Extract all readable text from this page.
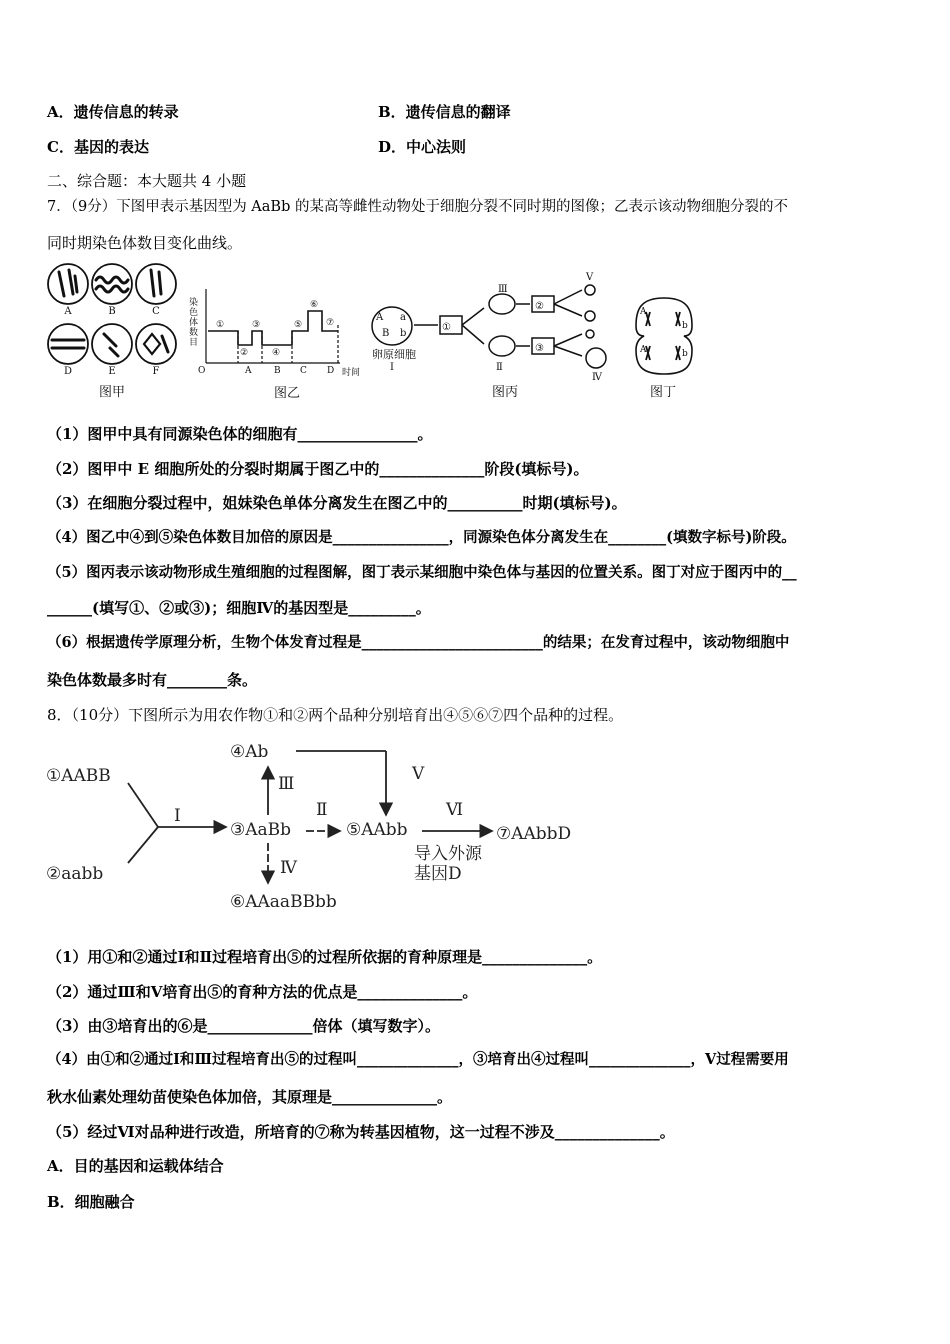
A．遗传信息的转录	B．遗传信息的翻译
C．基因的表达	D．中心法则
二、综合题：本大题共 4 小题
7．（9分）下图甲表示基因型为 AaBb 的某高等雌性动物处于细胞分裂不同时期的图像；乙表示该动物细胞分裂的不
同时期染色体数目变化曲线。
A	B	C
D	E	F
图甲
染色体数目
O	A	B C D 时间
①
②
③
④
⑤
⑥
⑦
图乙
A a
B b
①
②
③
卵原细胞
Ⅰ	Ⅱ
Ⅲ
Ⅳ
Ⅴ
图丙
A
b
A	b
图丁
（1）图甲中具有同源染色体的细胞有________________。
（2）图甲中 E 细胞所处的分裂时期属于图乙中的______________阶段(填标号)。
（3）在细胞分裂过程中，姐妹染色单体分离发生在图乙中的__________时期(填标号)。
（4）图乙中④到⑤染色体数目加倍的原因是________________，同源染色体分离发生在________(填数字标号)阶段。
（5）图丙表示该动物形成生殖细胞的过程图解，图丁表示某细胞中染色体与基因的位置关系。图丁对应于图丙中的__
______(填写①、②或③)；细胞Ⅳ的基因型是_________。
（6）根据遗传学原理分析，生物个体发育过程是_________________________的结果；在发育过程中，该动物细胞中
染色体数最多时有________条。
8．（10分）下图所示为用农作物①和②两个品种分别培育出④⑤⑥⑦四个品种的过程。
①AABB
②aabb
③AaBb
④Ab
⑤AAbb
⑥AAaaBBbb
⑦AAbbD
Ⅰ	Ⅱ
Ⅲ
Ⅳ
Ⅴ
Ⅵ
导入外源
基因D
（1）用①和②通过Ⅰ和Ⅱ过程培育出⑤的过程所依据的育种原理是______________。
（2）通过Ⅲ和Ⅴ培育出⑤的育种方法的优点是______________。
（3）由③培育出的⑥是______________倍体（填写数字）。
（4）由①和②通过Ⅰ和Ⅲ过程培育出⑤的过程叫______________，③培育出④过程叫______________，Ⅴ过程需要用
秋水仙素处理幼苗使染色体加倍，其原理是______________。
（5）经过Ⅵ对品种进行改造，所培育的⑦称为转基因植物，这一过程不涉及______________。
A．目的基因和运载体结合
B．细胞融合
